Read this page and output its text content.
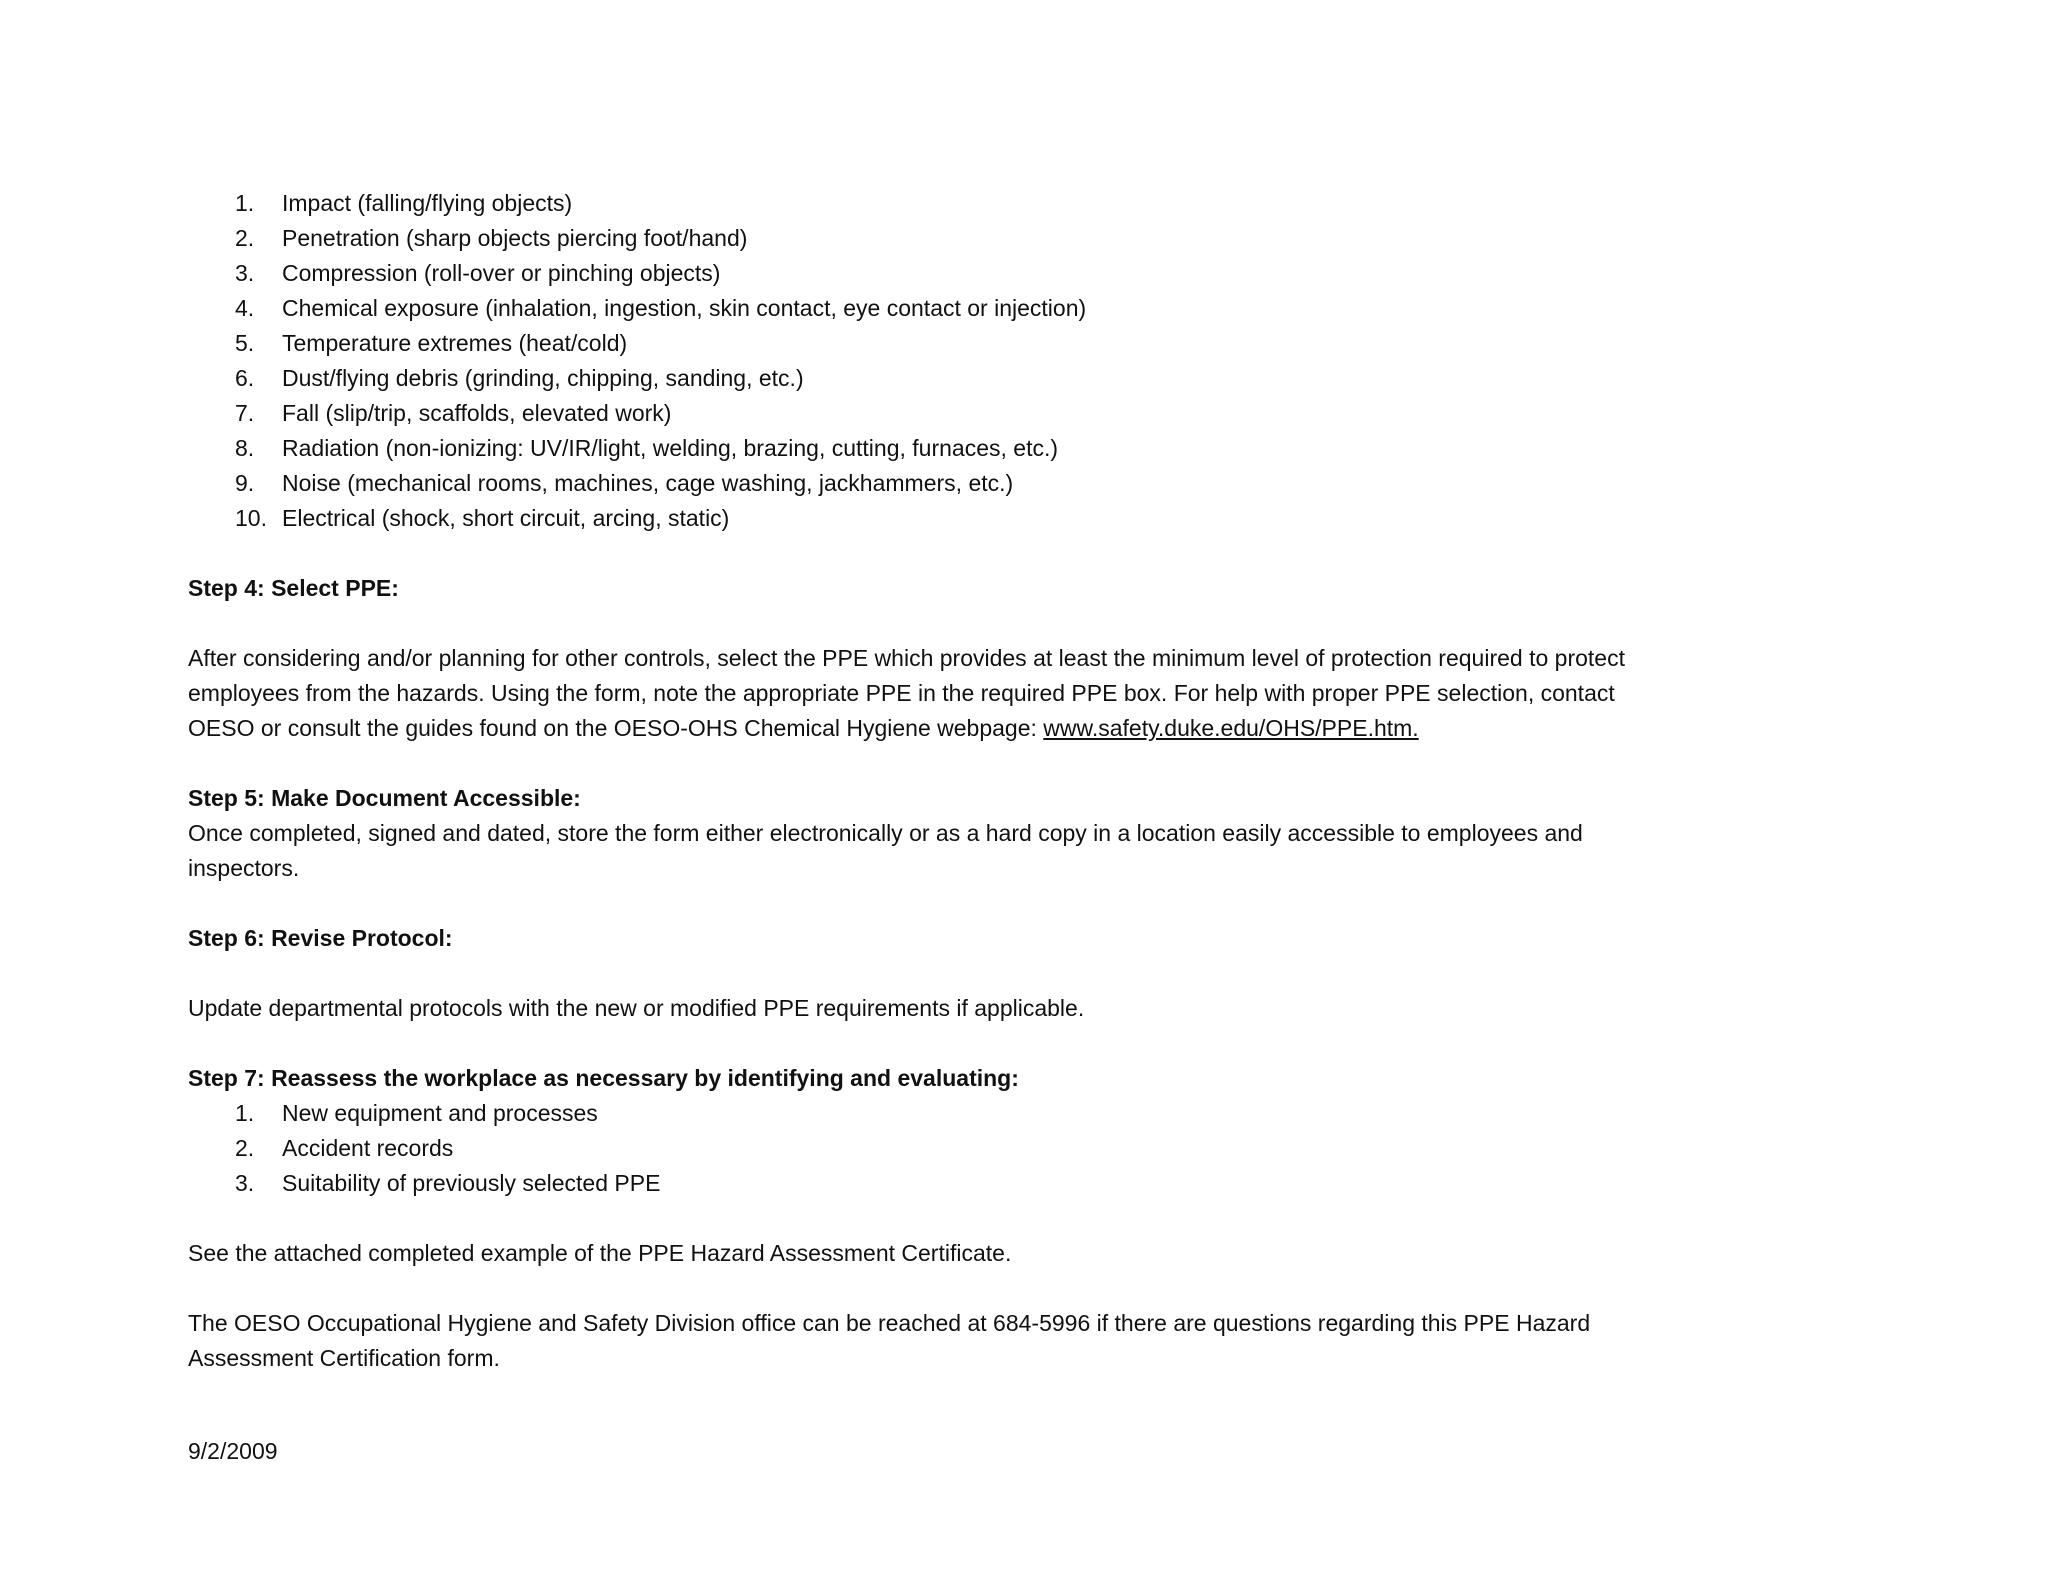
1.	Impact (falling/flying objects)
2.	Penetration (sharp objects piercing foot/hand)
3.	Compression (roll-over or pinching objects)
4.	Chemical exposure (inhalation, ingestion, skin contact, eye contact or injection)
5.	Temperature extremes (heat/cold)
6.	Dust/flying debris (grinding, chipping, sanding, etc.)
7.	Fall (slip/trip, scaffolds, elevated work)
8.	Radiation (non-ionizing: UV/IR/light, welding, brazing, cutting, furnaces, etc.)
9.	Noise (mechanical rooms, machines, cage washing, jackhammers, etc.)
10. Electrical (shock, short circuit, arcing, static)
Step 4: Select PPE:
After considering and/or planning for other controls, select the PPE which provides at least the minimum level of protection required to protect
employees from the hazards. Using the form, note the appropriate PPE in the required PPE box. For help with proper PPE selection, contact
OESO or consult the guides found on the OESO-OHS Chemical Hygiene webpage: www.safety.duke.edu/OHS/PPE.htm.
Step 5: Make Document Accessible:
Once completed, signed and dated, store the form either electronically or as a hard copy in a location easily accessible to employees and
inspectors.
Step 6: Revise Protocol:
Update departmental protocols with the new or modified PPE requirements if applicable.
Step 7: Reassess the workplace as necessary by identifying and evaluating:
1.	New equipment and processes
2.	Accident records
3.	Suitability of previously selected PPE
See the attached completed example of the PPE Hazard Assessment Certificate.
The OESO Occupational Hygiene and Safety Division office can be reached at 684-5996 if there are questions regarding this PPE Hazard
Assessment Certification form.
9/2/2009
